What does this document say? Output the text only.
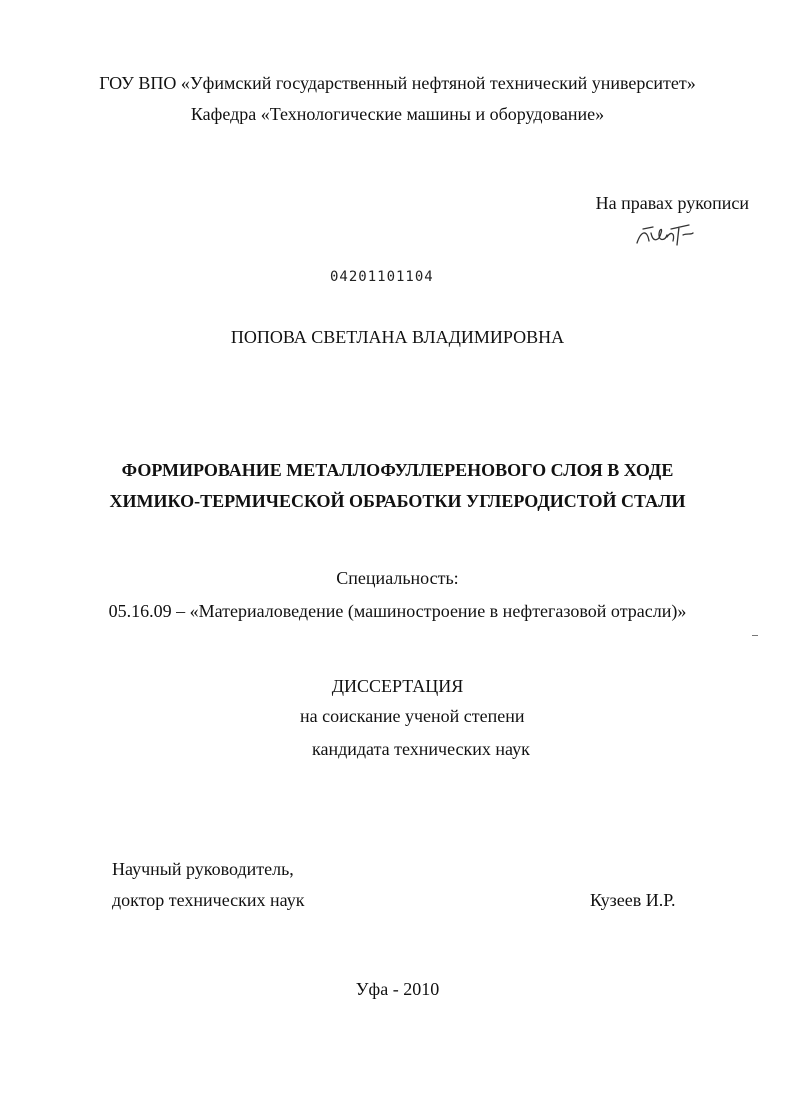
ГОУ ВПО «Уфимский государственный нефтяной технический университет»
Кафедра «Технологические машины и оборудование»
На правах рукописи
04201101104
ПОПОВА СВЕТЛАНА ВЛАДИМИРОВНА
ФОРМИРОВАНИЕ МЕТАЛЛОФУЛЛЕРЕНОВОГО СЛОЯ В ХОДЕ
ХИМИКО-ТЕРМИЧЕСКОЙ ОБРАБОТКИ УГЛЕРОДИСТОЙ СТАЛИ
Специальность:
05.16.09 – «Материаловедение (машиностроение в нефтегазовой отрасли)»
ДИССЕРТАЦИЯ
на соискание ученой степени
кандидата технических наук
Научный руководитель,
доктор технических наук	Кузеев И.Р.
Уфа - 2010
